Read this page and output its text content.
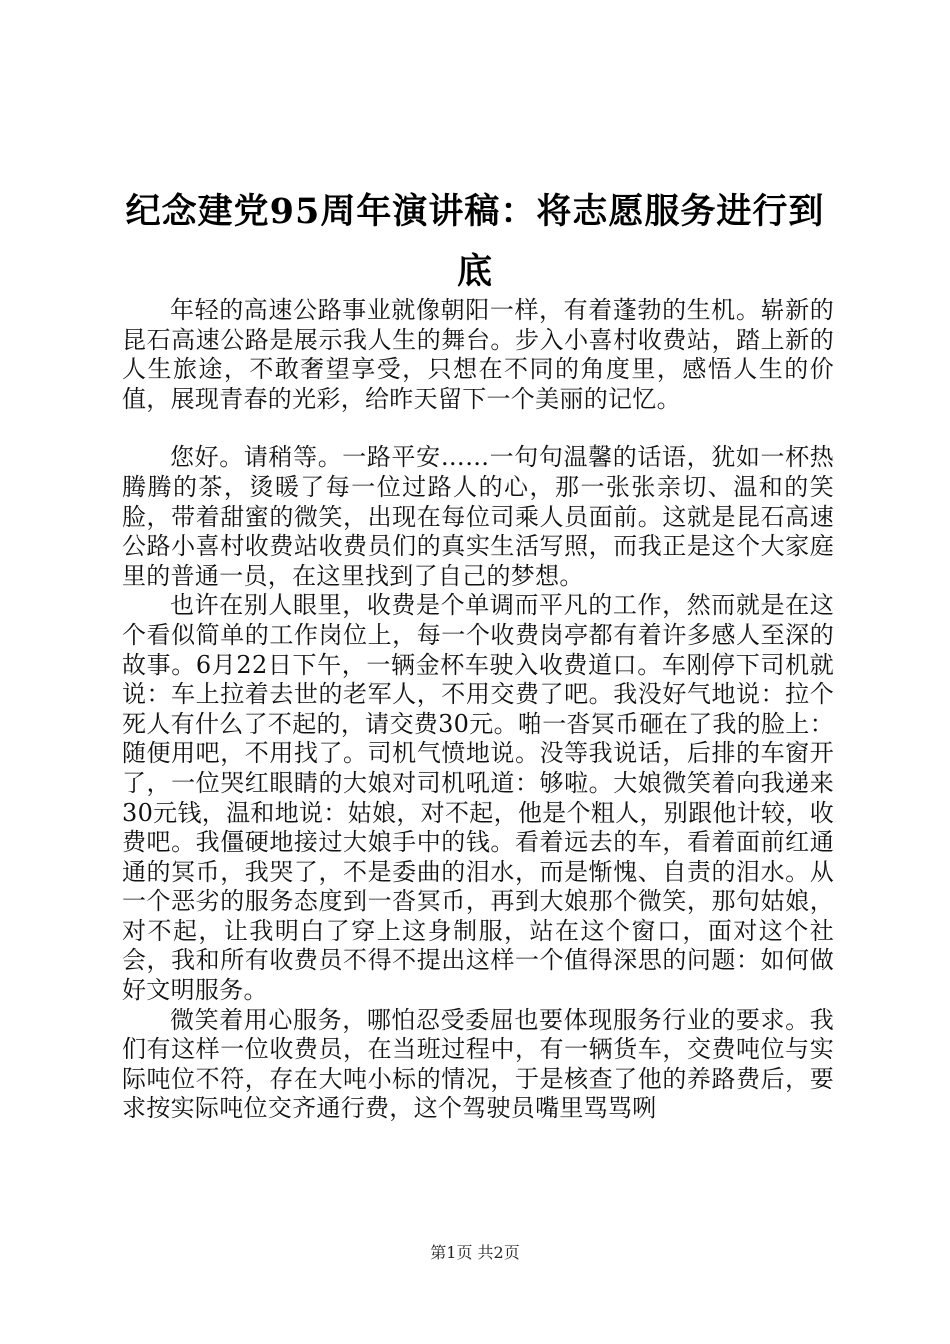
纪念建党95周年演讲稿：将志愿服务进行到底

年轻的高速公路事业就像朝阳一样，有着蓬勃的生机。崭新的昆石高速公路是展示我人生的舞台。步入小喜村收费站，踏上新的人生旅途，不敢奢望享受，只想在不同的角度里，感悟人生的价值，展现青春的光彩，给昨天留下一个美丽的记忆。

您好。请稍等。一路平安……一句句温馨的话语，犹如一杯热腾腾的茶，烫暖了每一位过路人的心，那一张张亲切、温和的笑脸，带着甜蜜的微笑，出现在每位司乘人员面前。这就是昆石高速公路小喜村收费站收费员们的真实生活写照，而我正是这个大家庭里的普通一员，在这里找到了自己的梦想。

也许在别人眼里，收费是个单调而平凡的工作，然而就是在这个看似简单的工作岗位上，每一个收费岗亭都有着许多感人至深的故事。6月22日下午，一辆金杯车驶入收费道口。车刚停下司机就说：车上拉着去世的老军人，不用交费了吧。我没好气地说：拉个死人有什么了不起的，请交费30元。啪一沓冥币砸在了我的脸上：随便用吧，不用找了。司机气愤地说。没等我说话，后排的车窗开了，一位哭红眼睛的大娘对司机吼道：够啦。大娘微笑着向我递来30元钱，温和地说：姑娘，对不起，他是个粗人，别跟他计较，收费吧。我僵硬地接过大娘手中的钱。看着远去的车，看着面前红通通的冥币，我哭了，不是委曲的泪水，而是惭愧、自责的泪水。从一个恶劣的服务态度到一沓冥币，再到大娘那个微笑，那句姑娘，对不起，让我明白了穿上这身制服，站在这个窗口，面对这个社会，我和所有收费员不得不提出这样一个值得深思的问题：如何做好文明服务。

微笑着用心服务，哪怕忍受委屈也要体现服务行业的要求。我们有这样一位收费员，在当班过程中，有一辆货车，交费吨位与实际吨位不符，存在大吨小标的情况，于是核查了他的养路费后，要求按实际吨位交齐通行费，这个驾驶员嘴里骂骂咧

第1页 共2页
